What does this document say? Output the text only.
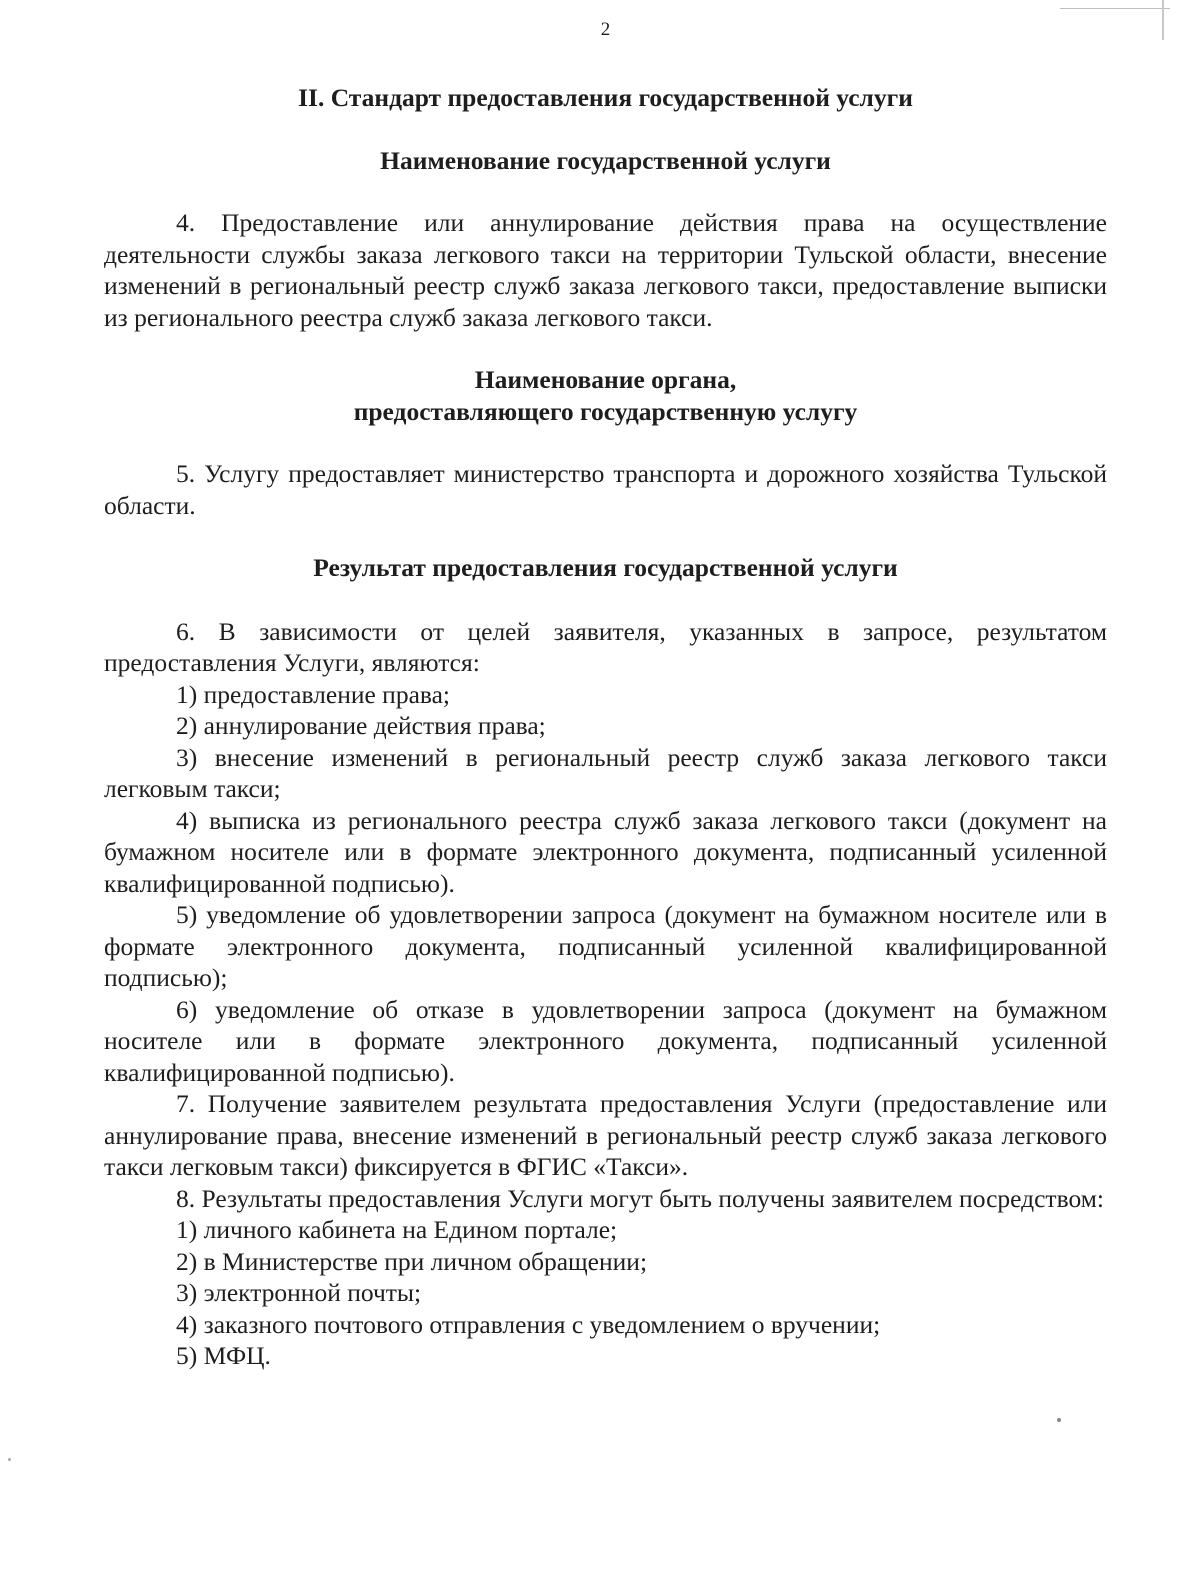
2
II. Стандарт предоставления государственной услуги
Наименование государственной услуги

4. Предоставление или аннулирование действия права на осуществление деятельности службы заказа легкового такси на территории Тульской области, внесение изменений в региональный реестр служб заказа легкового такси, предоставление выписки из регионального реестра служб заказа легкового такси.

Наименование органа,
предоставляющего государственную услугу

5. Услугу предоставляет министерство транспорта и дорожного хозяйства Тульской области.

Результат предоставления государственной услуги

6. В зависимости от целей заявителя, указанных в запросе, результатом предоставления Услуги, являются:

1) предоставление права;

2) аннулирование действия права;

3) внесение изменений в региональный реестр служб заказа легкового такси легковым такси;

4) выписка из регионального реестра служб заказа легкового такси (документ на бумажном носителе или в формате электронного документа, подписанный усиленной квалифицированной подписью).

5) уведомление об удовлетворении запроса (документ на бумажном носителе или в формате электронного документа, подписанный усиленной квалифицированной подписью);

6) уведомление об отказе в удовлетворении запроса (документ на бумажном носителе или в формате электронного документа, подписанный усиленной квалифицированной подписью).

7. Получение заявителем результата предоставления Услуги (предоставление или аннулирование права, внесение изменений в региональный реестр служб заказа легкового такси легковым такси) фиксируется в ФГИС «Такси».

8. Результаты предоставления Услуги могут быть получены заявителем посредством:

1) личного кабинета на Едином портале;

2) в Министерстве при личном обращении;

3) электронной почты;

4) заказного почтового отправления с уведомлением о вручении;

5) МФЦ.
